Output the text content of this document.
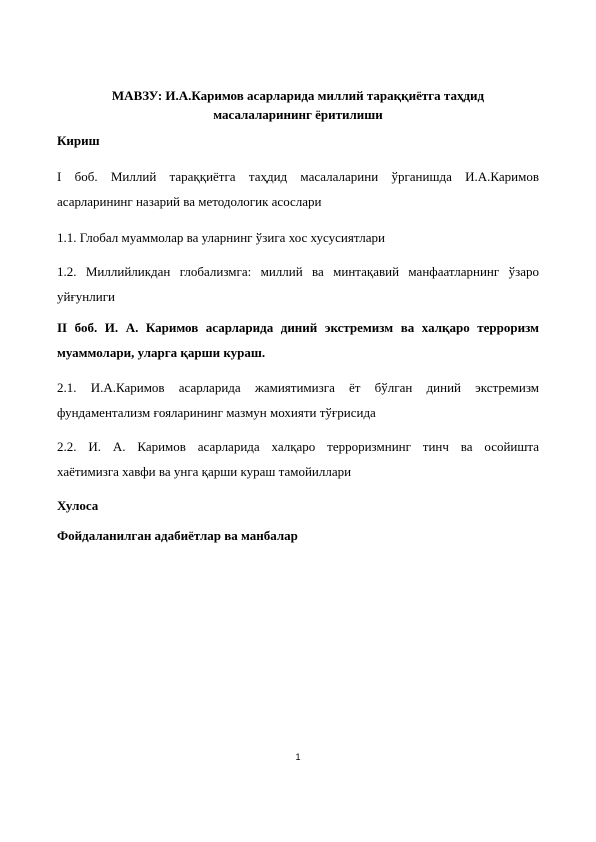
МАВЗУ: И.А.Каримов асарларида миллий тараққиётга таҳдид
масалаларининг ёритилиши
Кириш
I боб. Миллий тараққиётга таҳдид масалаларини ўрганишда И.А.Каримов
асарларининг назарий ва методологик асослари
1.1. Глобал муаммолар ва уларнинг ўзига хос хусусиятлари
1.2. Миллийликдан глобализмга: миллий ва минтақавий манфаатларнинг ўзаро
уйғунлиги
II боб. И. А. Каримов асарларида диний экстремизм ва халқаро терроризм
муаммолари, уларга қарши кураш.
2.1. И.А.Каримов асарларида жамиятимизга ёт бўлган диний экстремизм
фундаментализм ғояларининг мазмун мохияти тўғрисида
2.2. И. А. Каримов асарларида халқаро терроризмнинг тинч ва осойишта
хаётимизга хавфи ва унга қарши кураш тамойиллари
Хулоса
Фойдаланилган адабиётлар ва манбалар
1
